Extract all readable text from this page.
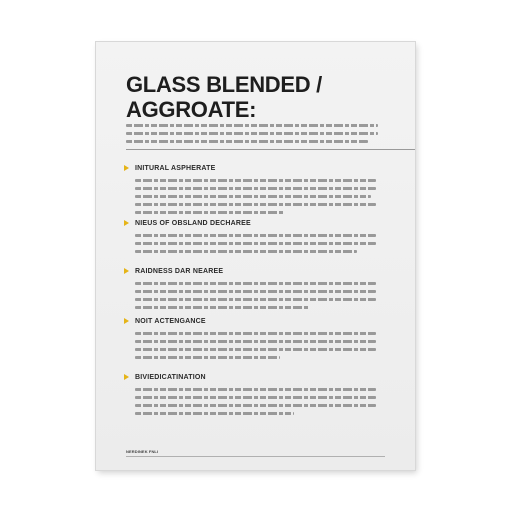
GLASS BLENDED /
AGGROATE:
INITURAL ASPHERATE
NIEUS OF OBSLAND DECHAREE
RAIDNESS DAR NEAREE
NOIT ACTENGANCE
BIVIEDICATINATION
NERDINEK FNLI
